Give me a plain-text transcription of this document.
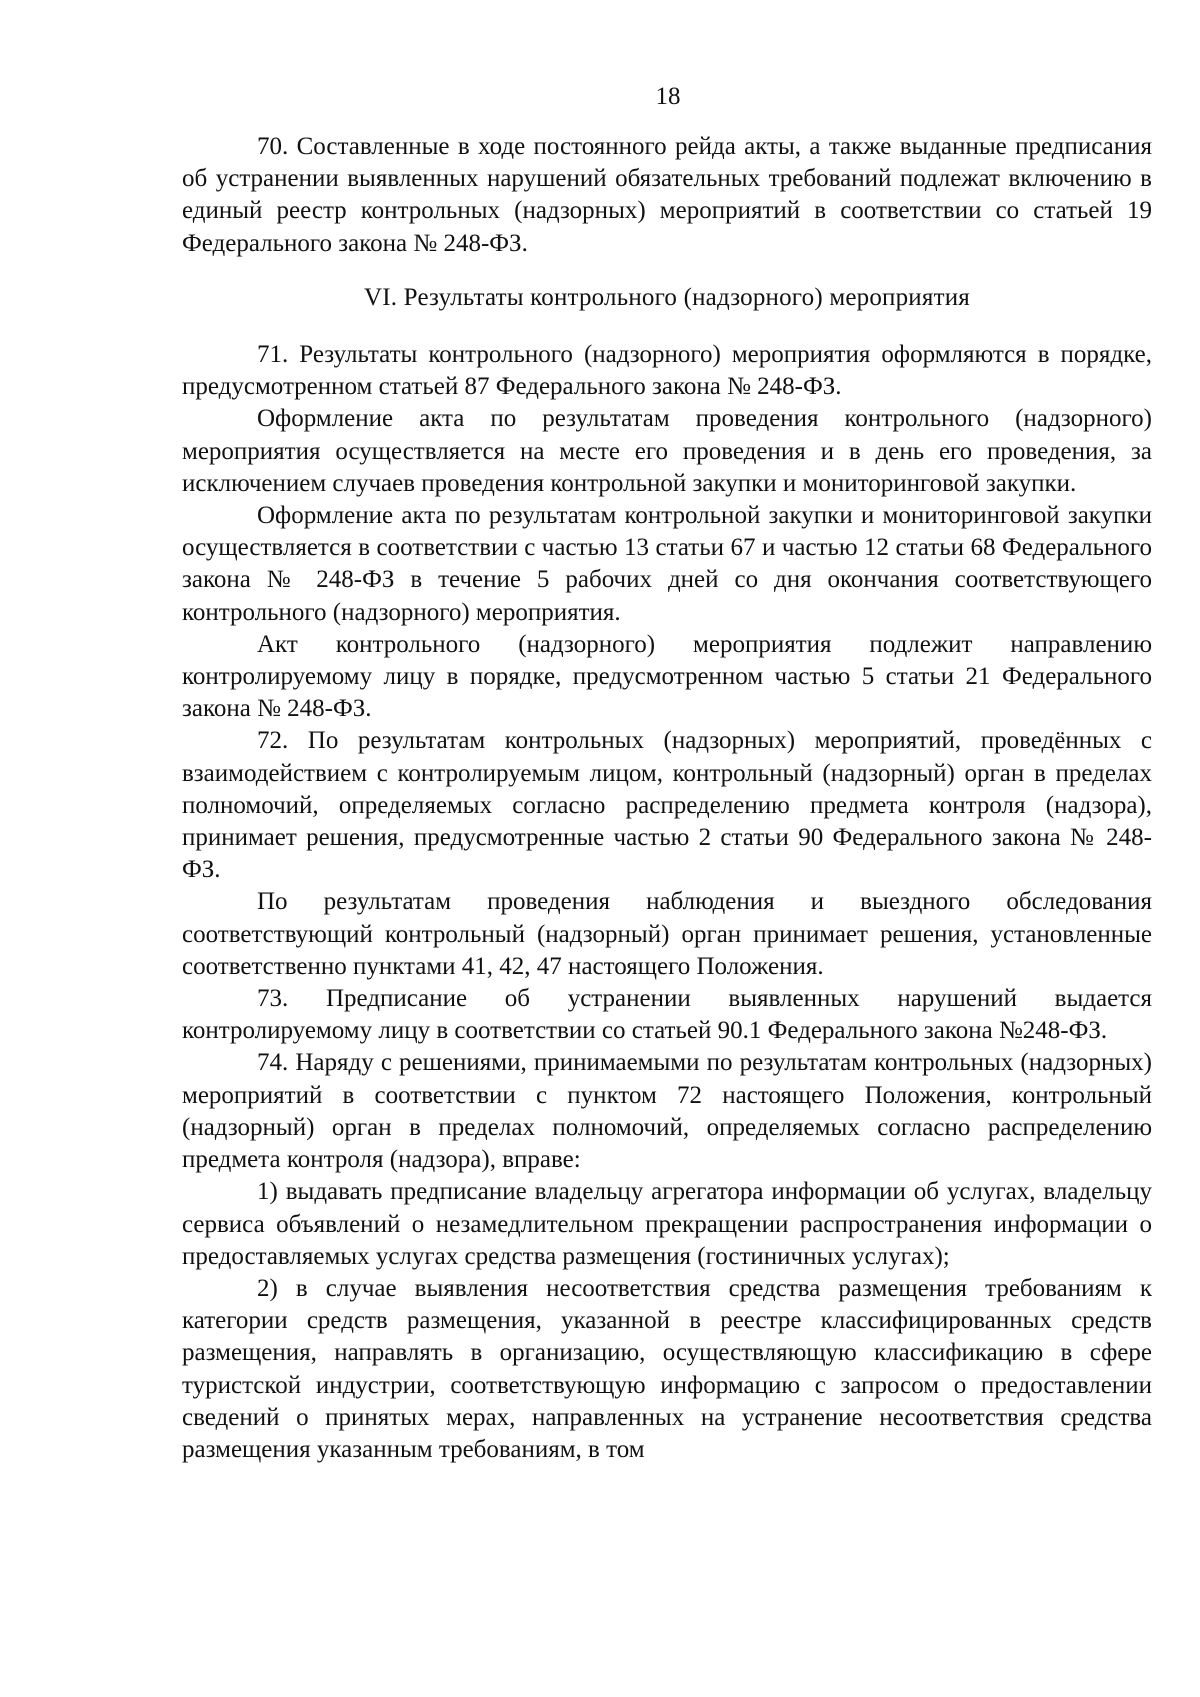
18

70. Составленные в ходе постоянного рейда акты, а также выданные предписания об устранении выявленных нарушений обязательных требований подлежат включению в единый реестр контрольных (надзорных) мероприятий в соответствии со статьей 19 Федерального закона № 248-ФЗ.

VI. Результаты контрольного (надзорного) мероприятия

71. Результаты контрольного (надзорного) мероприятия оформляются в порядке, предусмотренном статьей 87 Федерального закона № 248-ФЗ.

Оформление акта по результатам проведения контрольного (надзорного) мероприятия осуществляется на месте его проведения и в день его проведения, за исключением случаев проведения контрольной закупки и мониторинговой закупки.

Оформление акта по результатам контрольной закупки и мониторинговой закупки осуществляется в соответствии с частью 13 статьи 67 и частью 12 статьи 68 Федерального закона № 248-ФЗ в течение 5 рабочих дней со дня окончания соответствующего контрольного (надзорного) мероприятия.

Акт контрольного (надзорного) мероприятия подлежит направлению контролируемому лицу в порядке, предусмотренном частью 5 статьи 21 Федерального закона № 248-ФЗ.

72. По результатам контрольных (надзорных) мероприятий, проведённых с взаимодействием с контролируемым лицом, контрольный (надзорный) орган в пределах полномочий, определяемых согласно распределению предмета контроля (надзора), принимает решения, предусмотренные частью 2 статьи 90 Федерального закона № 248-ФЗ.

По результатам проведения наблюдения и выездного обследования соответствующий контрольный (надзорный) орган принимает решения, установленные соответственно пунктами 41, 42, 47 настоящего Положения.

73. Предписание об устранении выявленных нарушений выдается контролируемому лицу в соответствии со статьей 90.1 Федерального закона №248-ФЗ.

74. Наряду с решениями, принимаемыми по результатам контрольных (надзорных) мероприятий в соответствии с пунктом 72 настоящего Положения, контрольный (надзорный) орган в пределах полномочий, определяемых согласно распределению предмета контроля (надзора), вправе:

1) выдавать предписание владельцу агрегатора информации об услугах, владельцу сервиса объявлений о незамедлительном прекращении распространения информации о предоставляемых услугах средства размещения (гостиничных услугах);

2) в случае выявления несоответствия средства размещения требованиям к категории средств размещения, указанной в реестре классифицированных средств размещения, направлять в организацию, осуществляющую классификацию в сфере туристской индустрии, соответствующую информацию с запросом о предоставлении сведений о принятых мерах, направленных на устранение несоответствия средства размещения указанным требованиям, в том
